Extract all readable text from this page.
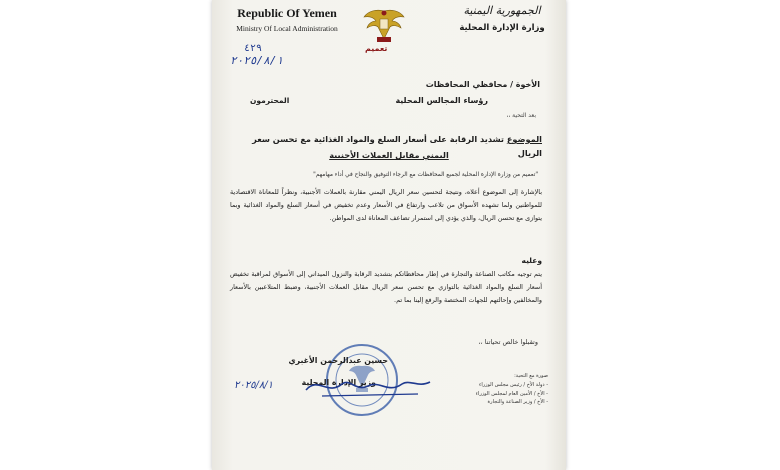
Republic Of Yemen
Ministry Of Local Administration
تعميم
الجمهورية اليمنية
وزارة الإدارة المحلية
٤٢٩
٢٠٢٥/٨/١
الأخوة / محافظي المحافظات
رؤساء المجالس المحلية
المحترمون
بعد التحية ،،
الموضوع تشديد الرقابة على أسعار السلع والمواد الغذائية مع تحسن سعر الريال
اليمني مقابل العملات الأجنبية
"تعميم من وزارة الإدارة المحلية لجميع المحافظات مع الرجاء التوفيق والنجاح في أداء مهامهم"
بالإشارة إلى الموضوع أعلاه، ونتيجة لتحسين سعر الريال اليمني مقارنة بالعملات الأجنبية، ونظراً للمعاناة الاقتصادية للمواطنين ولما تشهده الأسواق من تلاعب وارتفاع في الأسعار وعدم تخفيض في أسعار السلع والمواد الغذائية وبما يتوازى مع تحسن الريال، والذي يؤدي إلى استمرار تضاعف المعاناة لدى المواطن.
وعليه
يتم توجيه مكاتب الصناعة والتجارة في إطار محافظاتكم بتشديد الرقابة والنزول الميداني إلى الأسواق لمراقبة تخفيض أسعار السلع والمواد الغذائية بالتوازي مع تحسن سعر الريال مقابل العملات الأجنبية، وضبط المتلاعبين بالأسعار والمخالفين وإحالتهم للجهات المختصة والرفع إلينا بما تم.
وتقبلوا خالص تحياتنا ،،
حسين عبدالرحمن الأغبري
وزير الإدارة المحلية
٢٠٢٥/٨/١
صورة مع التحية:
- دولة الأخ / رئيس مجلس الوزراء
- الأخ / الأمين العام لمجلس الوزراء
- الأخ / وزير الصناعة والتجارة
